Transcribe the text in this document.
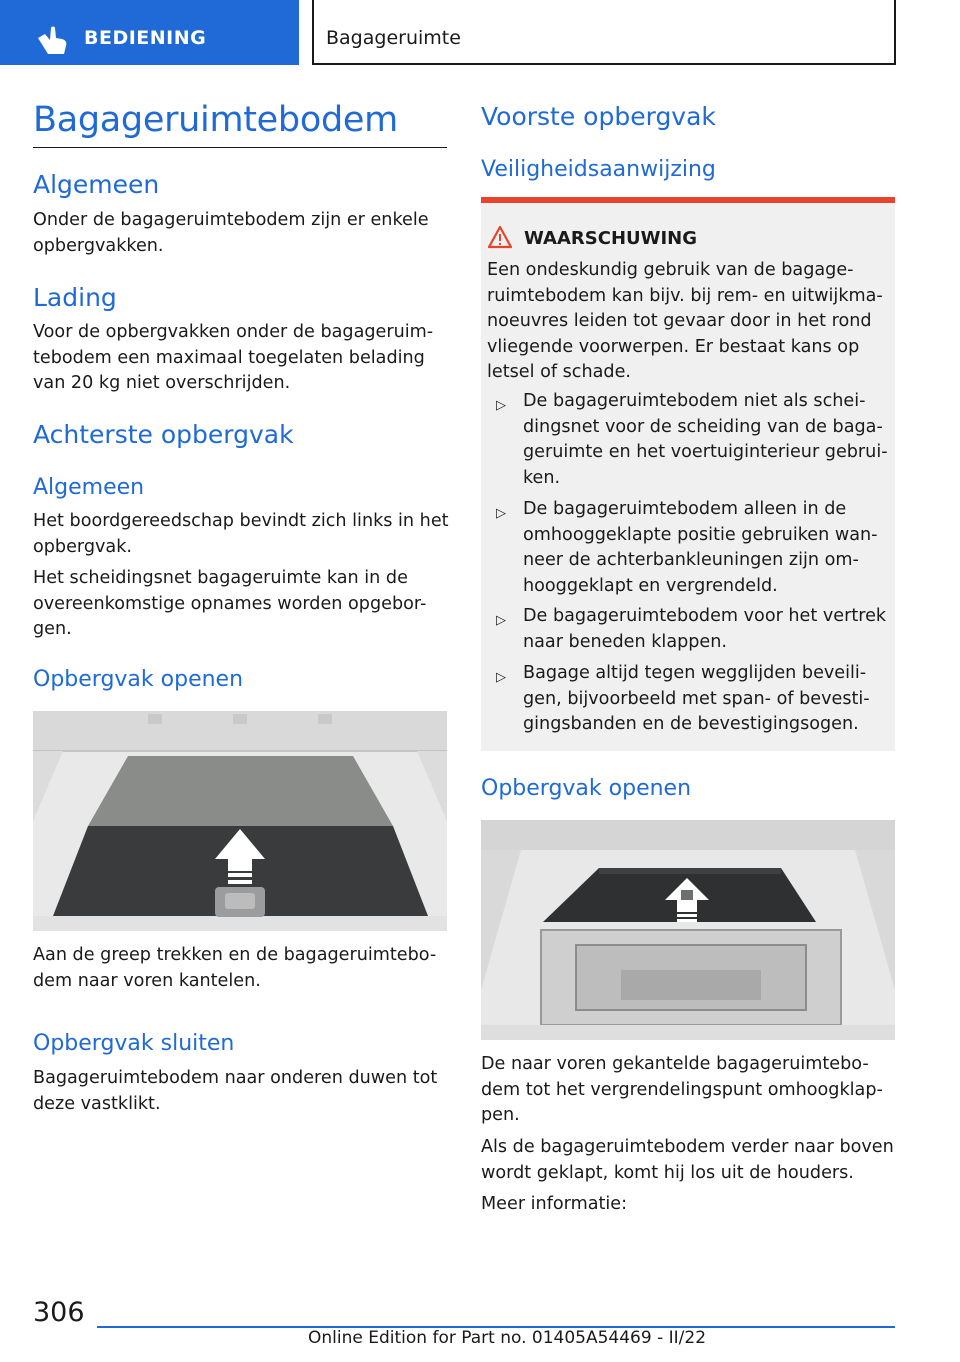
BEDIENING	Bagageruimte
Bagageruimtebodem
Algemeen
Onder de bagageruimtebodem zijn er enkele
opbergvakken.
Lading
Voor de opbergvakken onder de bagageruim-
tebodem een maximaal toegelaten belading
van 20 kg niet overschrijden.
Achterste opbergvak
Algemeen
Het boordgereedschap bevindt zich links in het
opbergvak.
Het scheidingsnet bagageruimte kan in de
overeenkomstige opnames worden opgebor-
gen.
Opbergvak openen
Aan de greep trekken en de bagageruimtebo-
dem naar voren kantelen.
Opbergvak sluiten
Bagageruimtebodem naar onderen duwen tot
deze vastklikt.
Voorste opbergvak
Veiligheidsaanwijzing
WAARSCHUWING
Een ondeskundig gebruik van de bagage-
ruimtebodem kan bijv. bij rem- en uitwijkma-
noeuvres leiden tot gevaar door in het rond
vliegende voorwerpen. Er bestaat kans op
letsel of schade.
▷ De bagageruimtebodem niet als schei-
dingsnet voor de scheiding van de baga-
geruimte en het voertuiginterieur gebrui-
ken.
▷ De bagageruimtebodem alleen in de
omhooggeklapte positie gebruiken wan-
neer de achterbankleuningen zijn om-
hooggeklapt en vergrendeld.
▷ De bagageruimtebodem voor het vertrek
naar beneden klappen.
▷ Bagage altijd tegen wegglijden beveili-
gen, bijvoorbeeld met span- of bevesti-
gingsbanden en de bevestigingsogen.
Opbergvak openen
De naar voren gekantelde bagageruimtebo-
dem tot het vergrendelingspunt omhoogklap-
pen.
Als de bagageruimtebodem verder naar boven
wordt geklapt, komt hij los uit de houders.
Meer informatie:
306
Online Edition for Part no. 01405A54469 - II/22
